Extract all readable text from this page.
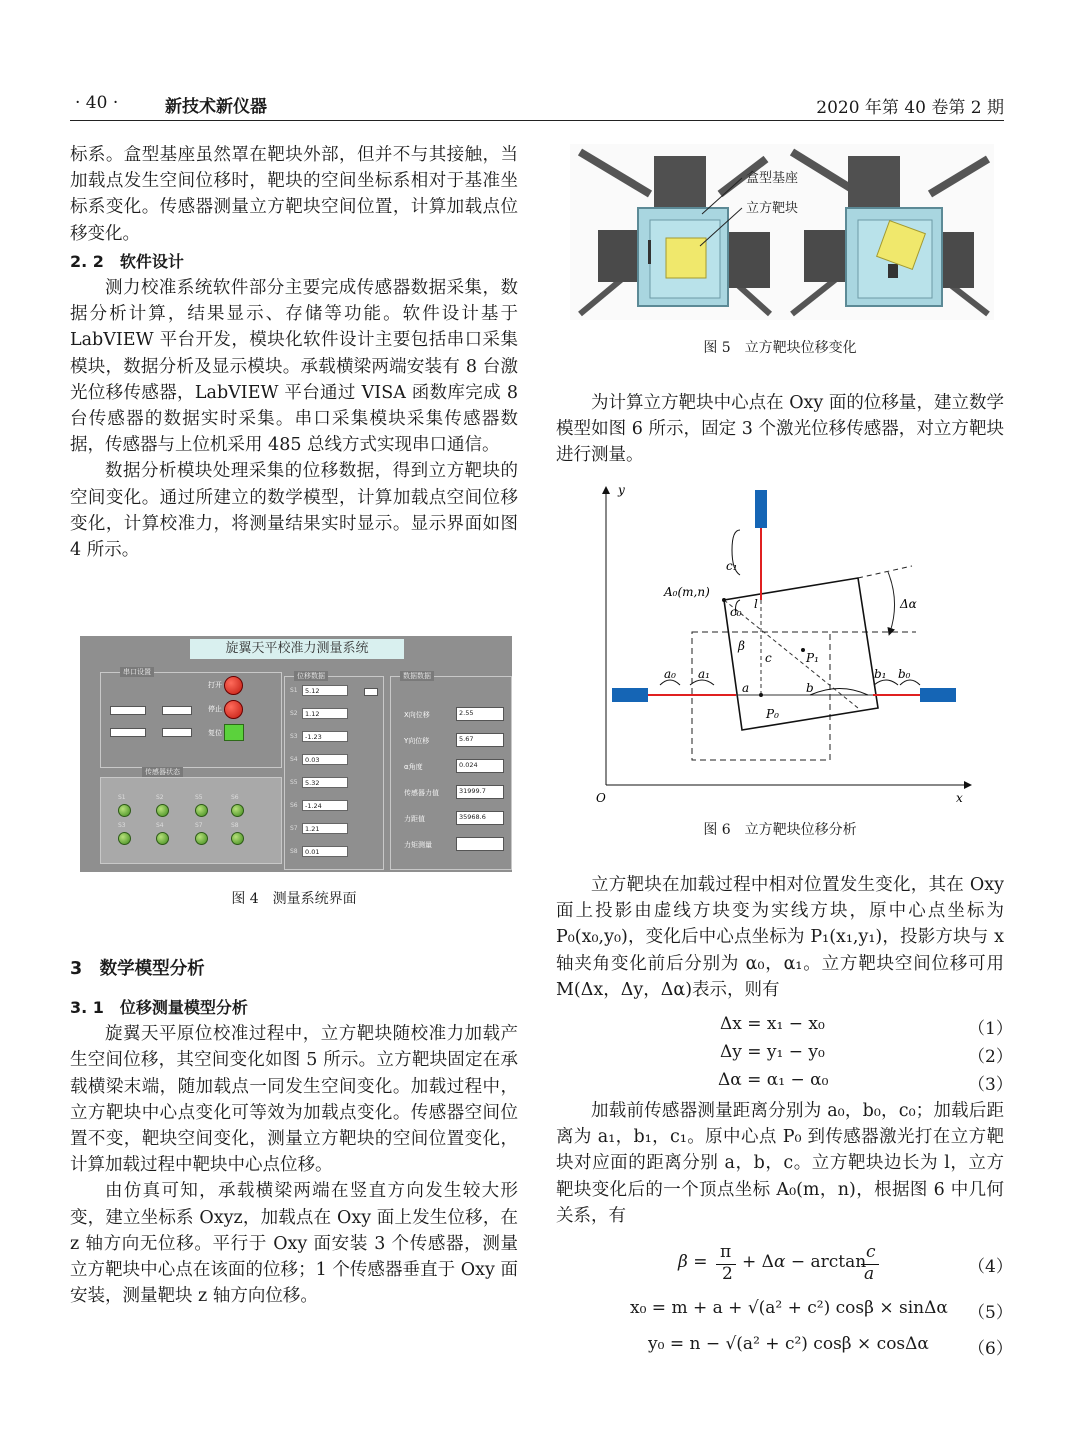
· 40 ·	新技术新仪器	2020 年第 40 卷第 2 期

标系。盒型基座虽然罩在靶块外部，但并不与其接触，当加载点发生空间位移时，靶块的空间坐标系相对于基准坐标系变化。传感器测量立方靶块空间位置，计算加载点位移变化。

2. 2　软件设计

测力校准系统软件部分主要完成传感器数据采集，数据分析计算，结果显示、存储等功能。软件设计基于 LabVIEW 平台开发，模块化软件设计主要包括串口采集模块，数据分析及显示模块。承载横梁两端安装有 8 台激光位移传感器，LabVIEW 平台通过 VISA 函数库完成 8 台传感器的数据实时采集。串口采集模块采集传感器数据，传感器与上位机采用 485 总线方式实现串口通信。

数据分析模块处理采集的位移数据，得到立方靶块的空间变化。通过所建立的数学模型，计算加载点空间位移变化，计算校准力，将测量结果实时显示。显示界面如图 4 所示。

旋翼天平校准力测量系统
串口设置
打开
停止
复位
传感器状态
S1	S2	S5	S6
S3	S4	S7	S8
位移数据
S1	5.12
S2	1.12
S3	-1.23
S4	0.03
S5	5.32
S6	-1.24
S7	1.21
S8	0.01
数据数据
X向位移	2.55
Y向位移	5.67
α角度	0.024
传感器力值	31999.7
力距值	35968.6
力矩测量
图 4　测量系统界面
3　数学模型分析

3. 1　位移测量模型分析

旋翼天平原位校准过程中，立方靶块随校准力加载产生空间位移，其空间变化如图 5 所示。立方靶块固定在承载横梁末端，随加载点一同发生空间变化。加载过程中，立方靶块中心点变化可等效为加载点变化。传感器空间位置不变，靶块空间变化，测量立方靶块的空间位置变化，计算加载过程中靶块中心点位移。

由仿真可知，承载横梁两端在竖直方向发生较大形变，建立坐标系 Oxyz，加载点在 Oxy 面上发生位移，在 z 轴方向无位移。平行于 Oxy 面安装 3 个传感器，测量立方靶块中心点在该面的位移；1 个传感器垂直于 Oxy 面安装，测量靶块 z 轴方向位移。

盒型基座
立方靶块
图 5　立方靶块位移变化

为计算立方靶块中心点在 Oxy 面的位移量，建立数学模型如图 6 所示，固定 3 个激光位移传感器，对立方靶块进行测量。

y
x
O
Δα
c₁
A₀(m,n)
c₀
l
β
c	P₁
P₀
a	b
a₀ a₁	b₁ b₀
图 6　立方靶块位移分析

立方靶块在加载过程中相对位置发生变化，其在 Oxy 面上投影由虚线方块变为实线方块，原中心点坐标为 P₀(x₀,y₀)，变化后中心点坐标为 P₁(x₁,y₁)，投影方块与 x 轴夹角变化前后分别为 α₀，α₁。立方靶块空间位移可用 M(Δx，Δy，Δα)表示，则有

Δx = x₁ − x₀	（1）
Δy = y₁ − y₀	（2）
Δα = α₁ − α₀	（3）

加载前传感器测量距离分别为 a₀，b₀，c₀；加载后距离为 a₁，b₁，c₁。原中心点 P₀ 到传感器激光打在立方靶块对应面的距离分别 a，b，c。立方靶块边长为 l，立方靶块变化后的一个顶点坐标 A₀(m，n)，根据图 6 中几何关系，有

β = π
2
+ Δα − arctan c
a	（4）
x₀ = m + a + √(a² + c²) cosβ × sinΔα （5）
y₀ = n − √(a² + c²) cosβ × cosΔα （6）
